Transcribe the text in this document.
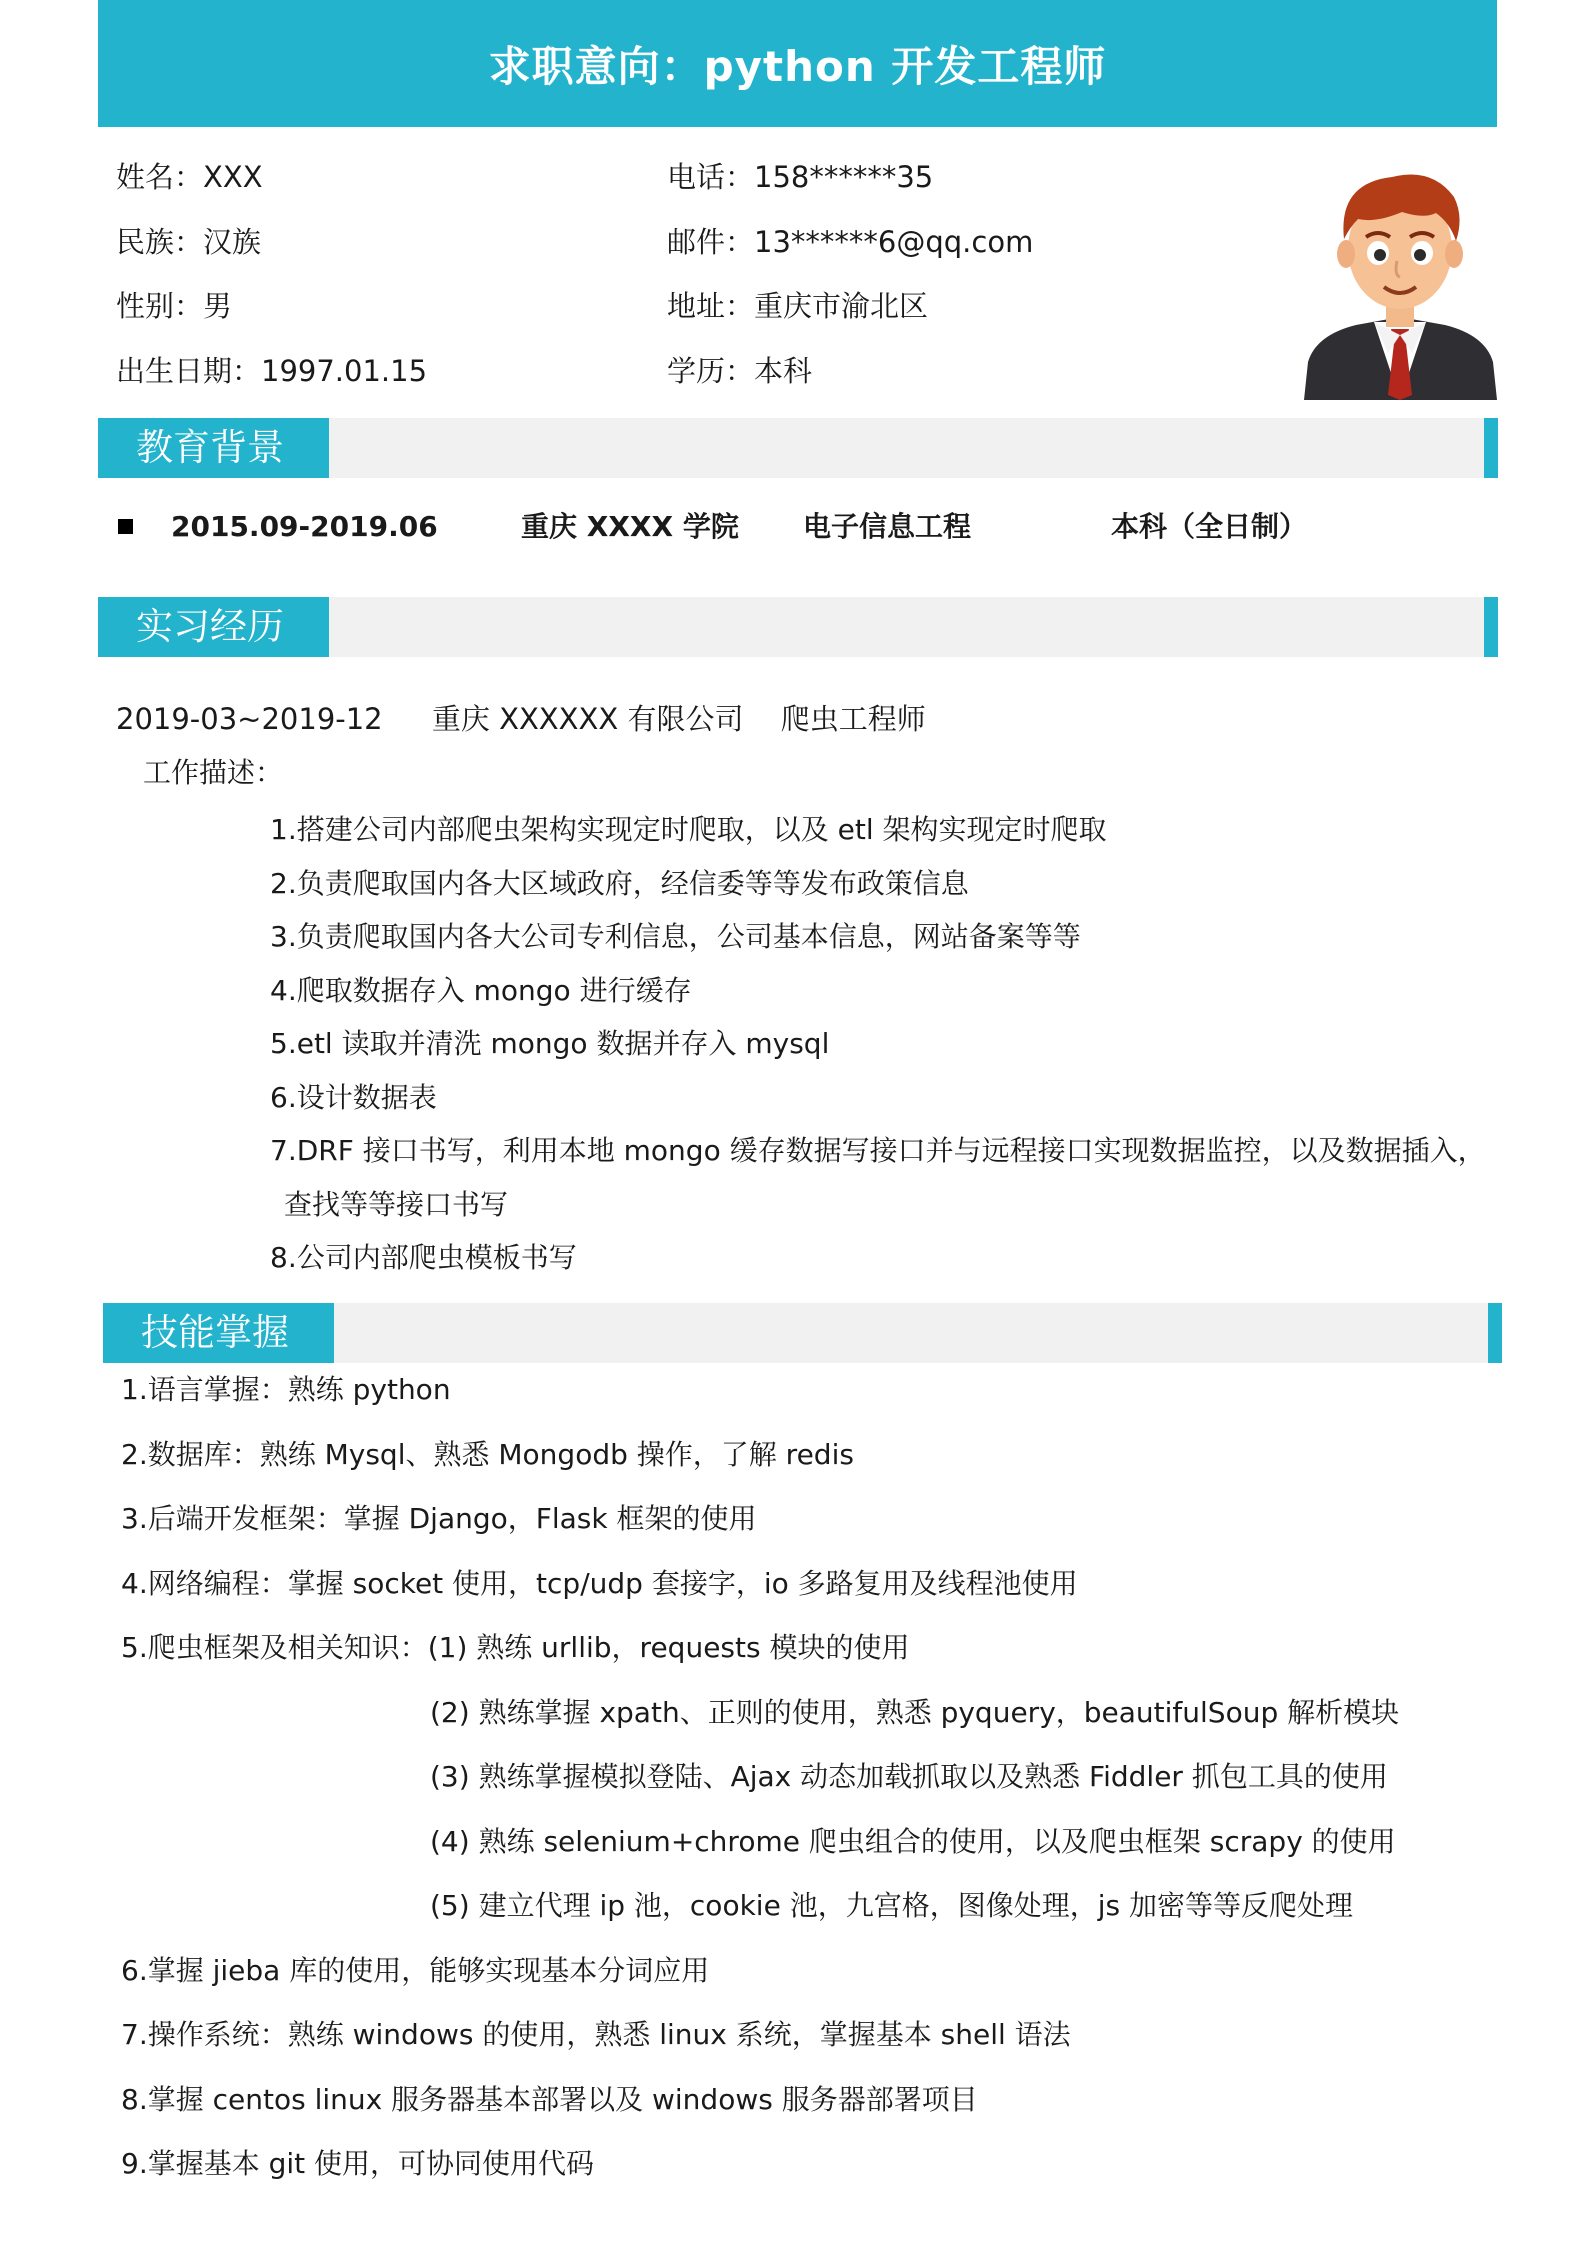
求职意向：python 开发工程师
姓名：XXX
民族：汉族
性别：男
出生日期：1997.01.15
电话：158******35
邮件：13******6@qq.com
地址：重庆市渝北区
学历：本科
教育背景
2015.09-2019.06	重庆 XXXX 学院 电子信息工程	本科（全日制）
实习经历
2019-03~2019-12 重庆 XXXXXX 有限公司 爬虫工程师
工作描述：
1.搭建公司内部爬虫架构实现定时爬取，以及 etl 架构实现定时爬取
2.负责爬取国内各大区域政府，经信委等等发布政策信息
3.负责爬取国内各大公司专利信息，公司基本信息，网站备案等等
4.爬取数据存入 mongo 进行缓存
5.etl 读取并清洗 mongo 数据并存入 mysql
6.设计数据表
7.DRF 接口书写，利用本地 mongo 缓存数据写接口并与远程接口实现数据监控，以及数据插入，
查找等等接口书写
8.公司内部爬虫模板书写
技能掌握
1.语言掌握：熟练 python
2.数据库：熟练 Mysql、熟悉 Mongodb 操作，了解 redis
3.后端开发框架：掌握 Django，Flask 框架的使用
4.网络编程：掌握 socket 使用，tcp/udp 套接字，io 多路复用及线程池使用
5.爬虫框架及相关知识：(1) 熟练 urllib，requests 模块的使用
(2) 熟练掌握 xpath、正则的使用，熟悉 pyquery，beautifulSoup 解析模块
(3) 熟练掌握模拟登陆、Ajax 动态加载抓取以及熟悉 Fiddler 抓包工具的使用
(4) 熟练 selenium+chrome 爬虫组合的使用，以及爬虫框架 scrapy 的使用
(5) 建立代理 ip 池，cookie 池，九宫格，图像处理，js 加密等等反爬处理
6.掌握 jieba 库的使用，能够实现基本分词应用
7.操作系统：熟练 windows 的使用，熟悉 linux 系统，掌握基本 shell 语法
8.掌握 centos linux 服务器基本部署以及 windows 服务器部署项目
9.掌握基本 git 使用，可协同使用代码
